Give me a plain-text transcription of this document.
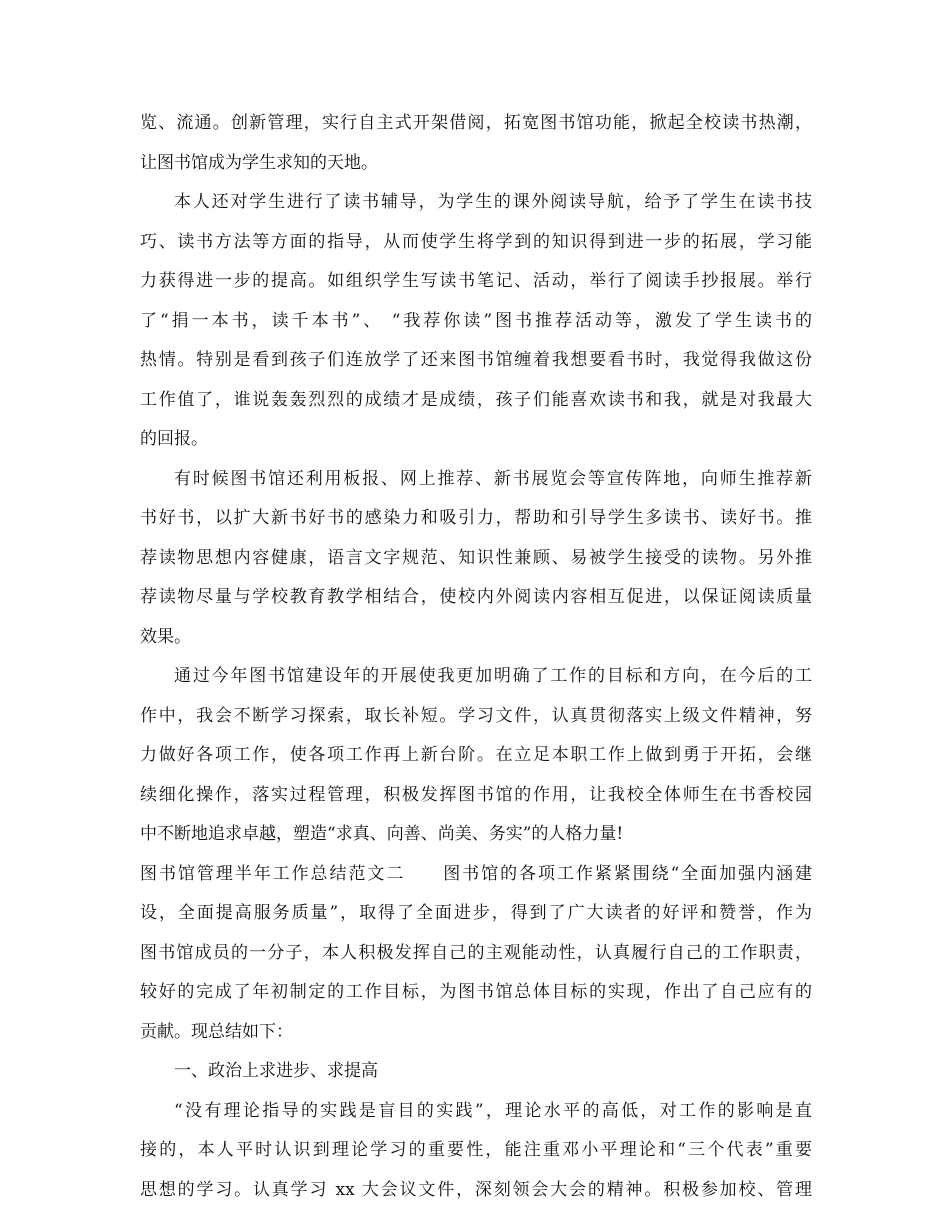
览、流通。创新管理，实行自主式开架借阅，拓宽图书馆功能，掀起全校读书热潮，
让图书馆成为学生求知的天地。
本人还对学生进行了读书辅导，为学生的课外阅读导航，给予了学生在读书技
巧、读书方法等方面的指导，从而使学生将学到的知识得到进一步的拓展，学习能
力获得进一步的提高。如组织学生写读书笔记、活动，举行了阅读手抄报展。举行
了“捐一本书，读千本书”、 “我荐你读”图书推荐活动等，激发了学生读书的
热情。特别是看到孩子们连放学了还来图书馆缠着我想要看书时，我觉得我做这份
工作值了，谁说轰轰烈烈的成绩才是成绩，孩子们能喜欢读书和我，就是对我最大
的回报。
有时候图书馆还利用板报、网上推荐、新书展览会等宣传阵地，向师生推荐新
书好书，以扩大新书好书的感染力和吸引力，帮助和引导学生多读书、读好书。推
荐读物思想内容健康，语言文字规范、知识性兼顾、易被学生接受的读物。另外推
荐读物尽量与学校教育教学相结合，使校内外阅读内容相互促进，以保证阅读质量
效果。
通过今年图书馆建设年的开展使我更加明确了工作的目标和方向，在今后的工
作中，我会不断学习探索，取长补短。学习文件，认真贯彻落实上级文件精神，努
力做好各项工作，使各项工作再上新台阶。在立足本职工作上做到勇于开拓，会继
续细化操作，落实过程管理，积极发挥图书馆的作用，让我校全体师生在书香校园
中不断地追求卓越，塑造“求真、向善、尚美、务实”的人格力量!
图书馆管理半年工作总结范文二　　图书馆的各项工作紧紧围绕“全面加强内涵建
设，全面提高服务质量”，取得了全面进步，得到了广大读者的好评和赞誉，作为
图书馆成员的一分子，本人积极发挥自己的主观能动性，认真履行自己的工作职责，
较好的完成了年初制定的工作目标，为图书馆总体目标的实现，作出了自己应有的
贡献。现总结如下：
一、政治上求进步、求提高
“没有理论指导的实践是盲目的实践”，理论水平的高低，对工作的影响是直
接的，本人平时认识到理论学习的重要性，能注重邓小平理论和“三个代表”重要
思想的学习。认真学习 xx 大会议文件，深刻领会大会的精神。积极参加校、管理
